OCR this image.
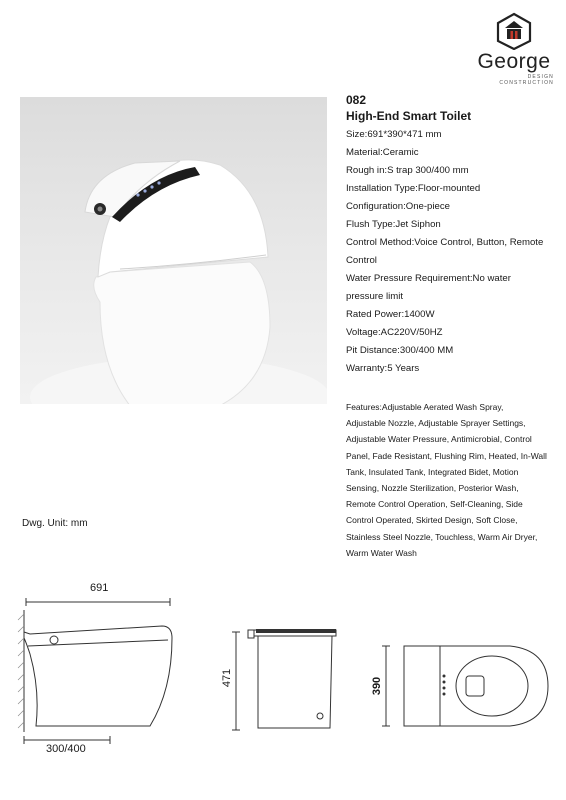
George
DESIGN CONSTRUCTION
082
High-End Smart Toilet
Size:691*390*471 mm
Material:Ceramic
Rough in:S trap 300/400 mm
Installation Type:Floor-mounted
Configuration:One-piece
Flush Type:Jet Siphon
Control Method:Voice Control, Button, Remote
Control
Water Pressure Requirement:No water
pressure limit
Rated Power:1400W
Voltage:AC220V/50HZ
Pit Distance:300/400 MM
Warranty:5 Years
Features:Adjustable Aerated Wash Spray,
Adjustable Nozzle, Adjustable Sprayer Settings,
Adjustable Water Pressure, Antimicrobial, Control
Panel, Fade Resistant, Flushing Rim, Heated, In-Wall
Tank, Insulated Tank, Integrated Bidet, Motion
Sensing, Nozzle Sterilization, Posterior Wash,
Remote Control Operation, Self-Cleaning, Side
Control Operated, Skirted Design, Soft Close,
Stainless Steel Nozzle, Touchless, Warm Air Dryer,
Warm Water Wash
Dwg. Unit: mm
691
300/400
471	390
